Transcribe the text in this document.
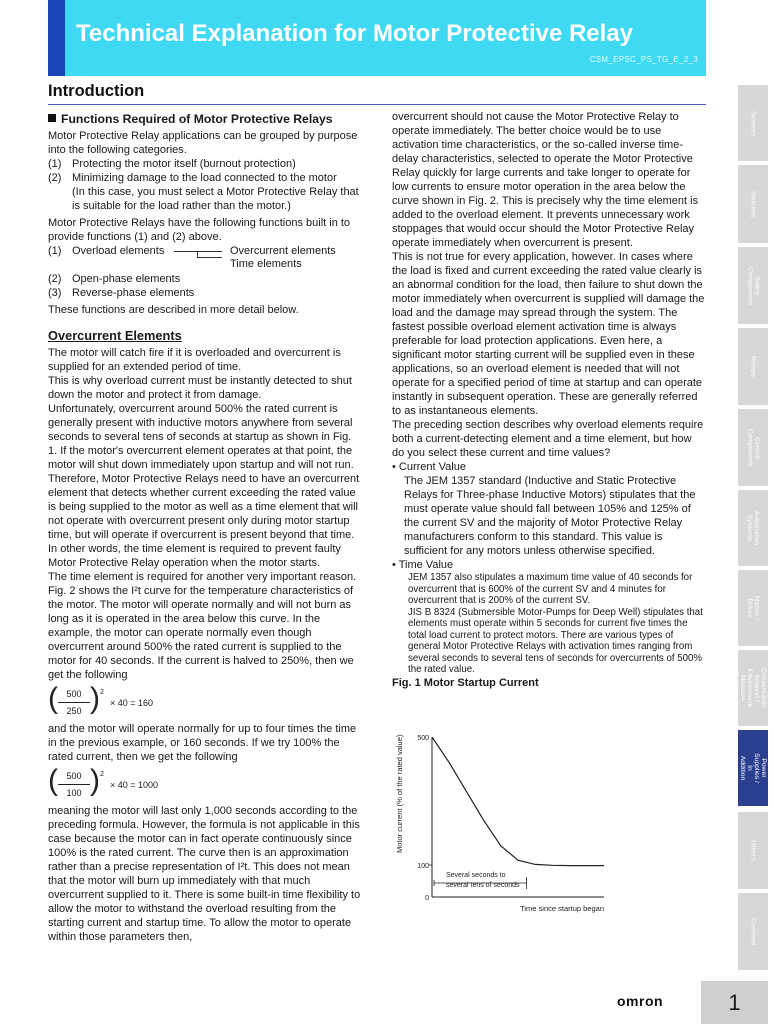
Technical Explanation for Motor Protective Relay
CSM_EPSC_PS_TG_E_2_3
Introduction
Functions Required of Motor Protective Relays

Motor Protective Relay applications can be grouped by purpose into the following categories.

(1) Protecting the motor itself (burnout protection)
(2) Minimizing damage to the load connected to the motor

(In this case, you must select a Motor Protective Relay that is suitable for the load rather than the motor.)

Motor Protective Relays have the following functions built in to provide functions (1) and (2) above.

(1) Overload elements	Overcurrent elements
Time elements
(2) Open-phase elements
(3) Reverse-phase elements

These functions are described in more detail below.

Overcurrent Elements

The motor will catch fire if it is overloaded and overcurrent is supplied for an extended period of time.

This is why overload current must be instantly detected to shut down the motor and protect it from damage.

Unfortunately, overcurrent around 500% the rated current is generally present with inductive motors anywhere from several seconds to several tens of seconds at startup as shown in Fig. 1. If the motor's overcurrent element operates at that point, the motor will shut down immediately upon startup and will not run. Therefore, Motor Protective Relays need to have an overcurrent element that detects whether current exceeding the rated value is being supplied to the motor as well as a time element that will not operate with overcurrent present only during motor startup time, but will operate if overcurrent is present beyond that time. In other words, the time element is required to prevent faulty Motor Protective Relay operation when the motor starts.

The time element is required for another very important reason.

Fig. 2 shows the I²t curve for the temperature characteristics of the motor. The motor will operate normally and will not burn as long as it is operated in the area below this curve. In the example, the motor can operate normally even though overcurrent around 500% the rated current is supplied to the motor for 40 seconds. If the current is halved to 250%, then we get the following

( 500
250 ) 2
× 40 = 160

and the motor will operate normally for up to four times the time in the previous example, or 160 seconds. If we try 100% the rated current, then we get the following

( 500
100 ) 2
× 40 = 1000

meaning the motor will last only 1,000 seconds according to the preceding formula. However, the formula is not applicable in this case because the motor can in fact operate continuously since 100% is the rated current. The curve then is an approximation rather than a precise representation of I²t. This does not mean that the motor will burn up immediately with that much overcurrent supplied to it. There is some built-in time flexibility to allow the motor to withstand the overload resulting from the starting current and startup time. To allow the motor to operate within those parameters then,

overcurrent should not cause the Motor Protective Relay to operate immediately. The better choice would be to use activation time characteristics, or the so-called inverse time-delay characteristics, selected to operate the Motor Protective Relay quickly for large currents and take longer to operate for low currents to ensure motor operation in the area below the curve shown in Fig. 2. This is precisely why the time element is added to the overload element. It prevents unnecessary work stoppages that would occur should the Motor Protective Relay operate immediately when overcurrent is present.

This is not true for every application, however. In cases where the load is fixed and current exceeding the rated value clearly is an abnormal condition for the load, then failure to shut down the motor immediately when overcurrent is supplied will damage the load and the damage may spread through the system. The fastest possible overload element activation time is always preferable for load protection applications. Even here, a significant motor starting current will be supplied even in these applications, so an overload element is needed that will not operate for a specified period of time at startup and can operate instantly in subsequent operation. These are generally referred to as instantaneous elements.

The preceding section describes why overload elements require both a current-detecting element and a time element, but how do you select these current and time values?

• Current Value

The JEM 1357 standard (Inductive and Static Protective Relays for Three-phase Inductive Motors) stipulates that the must operate value should fall between 105% and 125% of the current SV and the majority of Motor Protective Relay manufacturers conform to this standard. This value is sufficient for any motors unless otherwise specified.

• Time Value

JEM 1357 also stipulates a maximum time value of 40 seconds for overcurrent that is 600% of the current SV and 4 minutes for overcurrent that is 200% of the current SV.

JIS B 8324 (Submersible Motor-Pumps for Deep Well) stipulates that elements must operate within 5 seconds for current five times the total load current to protect motors. There are various types of general Motor Protective Relays with activation times ranging from several seconds to several tens of seconds for overcurrents of 500% the rated value.

Fig. 1 Motor Startup Current

Motor current (% of the rated value) 500
100
0
Several seconds to
several tens of seconds
Time since startup began
Sensors
Switches
Safety Components
Relays
Control Components
Automation Systems
Motion / Drives
Energy Conservation Support / Environment Measure Equipment
Power Supplies / In Addition
Others
Common
omron	1
